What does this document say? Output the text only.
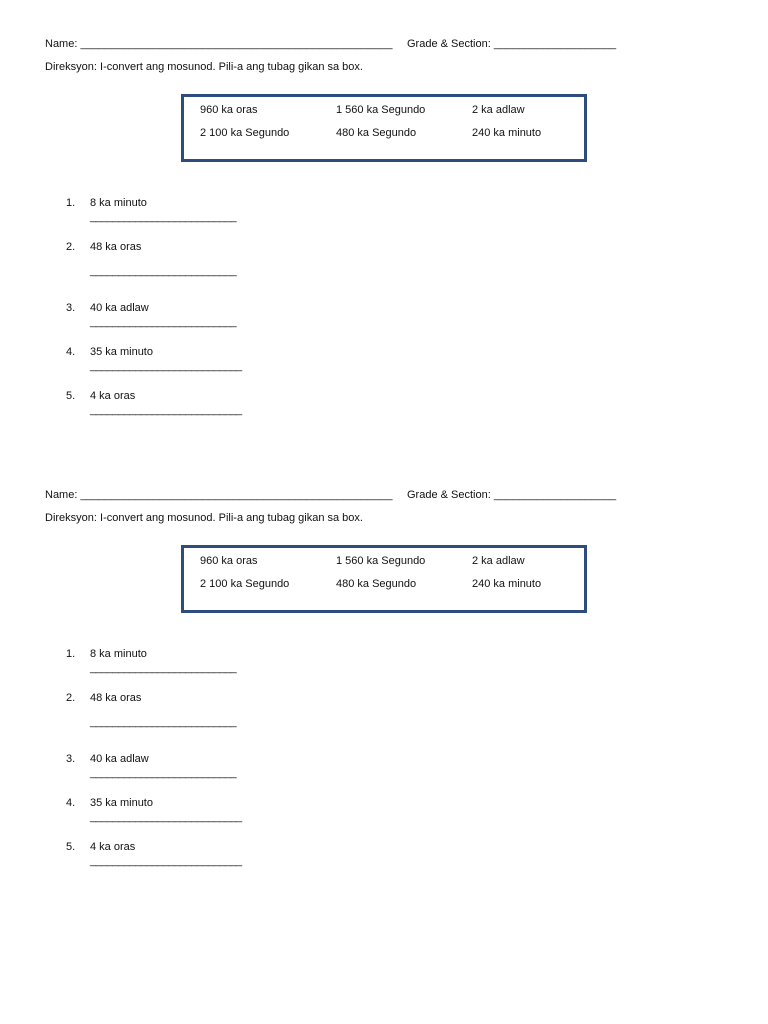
Name: ___________________________________________________ Grade & Section: ____________________
Direksyon: I-convert ang mosunod. Pili-a ang tubag gikan sa box.
960 ka oras	1 560 ka Segundo	2 ka adlaw
2 100 ka Segundo	480 ka Segundo	240 ka minuto
1. 8 ka minuto
__________________________
2. 48 ka oras
__________________________
3. 40 ka adlaw
__________________________
4. 35 ka minuto
___________________________
5. 4 ka oras
___________________________
Name: ___________________________________________________ Grade & Section: ____________________
Direksyon: I-convert ang mosunod. Pili-a ang tubag gikan sa box.
960 ka oras	1 560 ka Segundo	2 ka adlaw
2 100 ka Segundo	480 ka Segundo	240 ka minuto
1. 8 ka minuto
__________________________
2. 48 ka oras
__________________________
3. 40 ka adlaw
__________________________
4. 35 ka minuto
___________________________
5. 4 ka oras
___________________________
